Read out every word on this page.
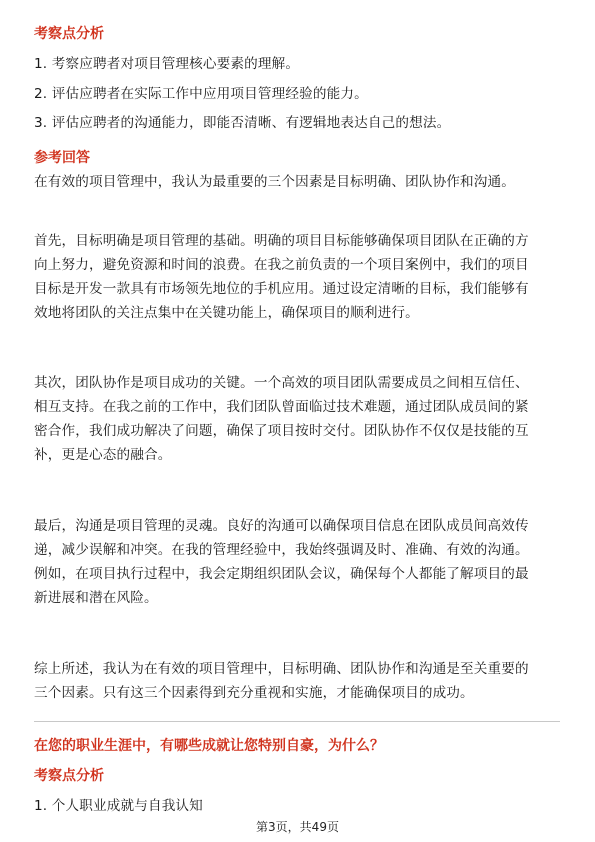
考察点分析
1. 考察应聘者对项目管理核心要素的理解。
2. 评估应聘者在实际工作中应用项目管理经验的能力。
3. 评估应聘者的沟通能力，即能否清晰、有逻辑地表达自己的想法。
参考回答
在有效的项目管理中，我认为最重要的三个因素是目标明确、团队协作和沟通。
首先，目标明确是项目管理的基础。明确的项目目标能够确保项目团队在正确的方
向上努力，避免资源和时间的浪费。在我之前负责的一个项目案例中，我们的项目
目标是开发一款具有市场领先地位的手机应用。通过设定清晰的目标，我们能够有
效地将团队的关注点集中在关键功能上，确保项目的顺利进行。
其次，团队协作是项目成功的关键。一个高效的项目团队需要成员之间相互信任、
相互支持。在我之前的工作中，我们团队曾面临过技术难题，通过团队成员间的紧
密合作，我们成功解决了问题，确保了项目按时交付。团队协作不仅仅是技能的互
补，更是心态的融合。
最后，沟通是项目管理的灵魂。良好的沟通可以确保项目信息在团队成员间高效传
递，减少误解和冲突。在我的管理经验中，我始终强调及时、准确、有效的沟通。
例如，在项目执行过程中，我会定期组织团队会议，确保每个人都能了解项目的最
新进展和潜在风险。
综上所述，我认为在有效的项目管理中，目标明确、团队协作和沟通是至关重要的
三个因素。只有这三个因素得到充分重视和实施，才能确保项目的成功。
在您的职业生涯中，有哪些成就让您特别自豪，为什么？
考察点分析
1. 个人职业成就与自我认知
第3页，共49页
